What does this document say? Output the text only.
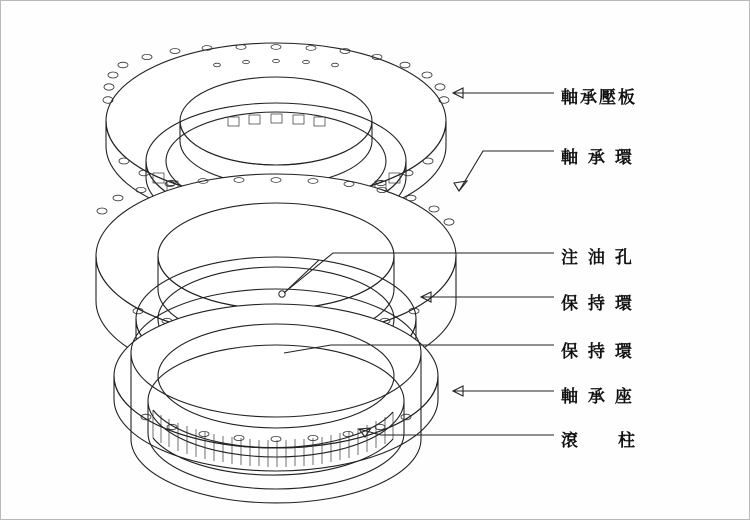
軸承壓板
軸 承 環
注 油 孔
保 持 環
保 持 環
軸 承 座
滾　　柱
